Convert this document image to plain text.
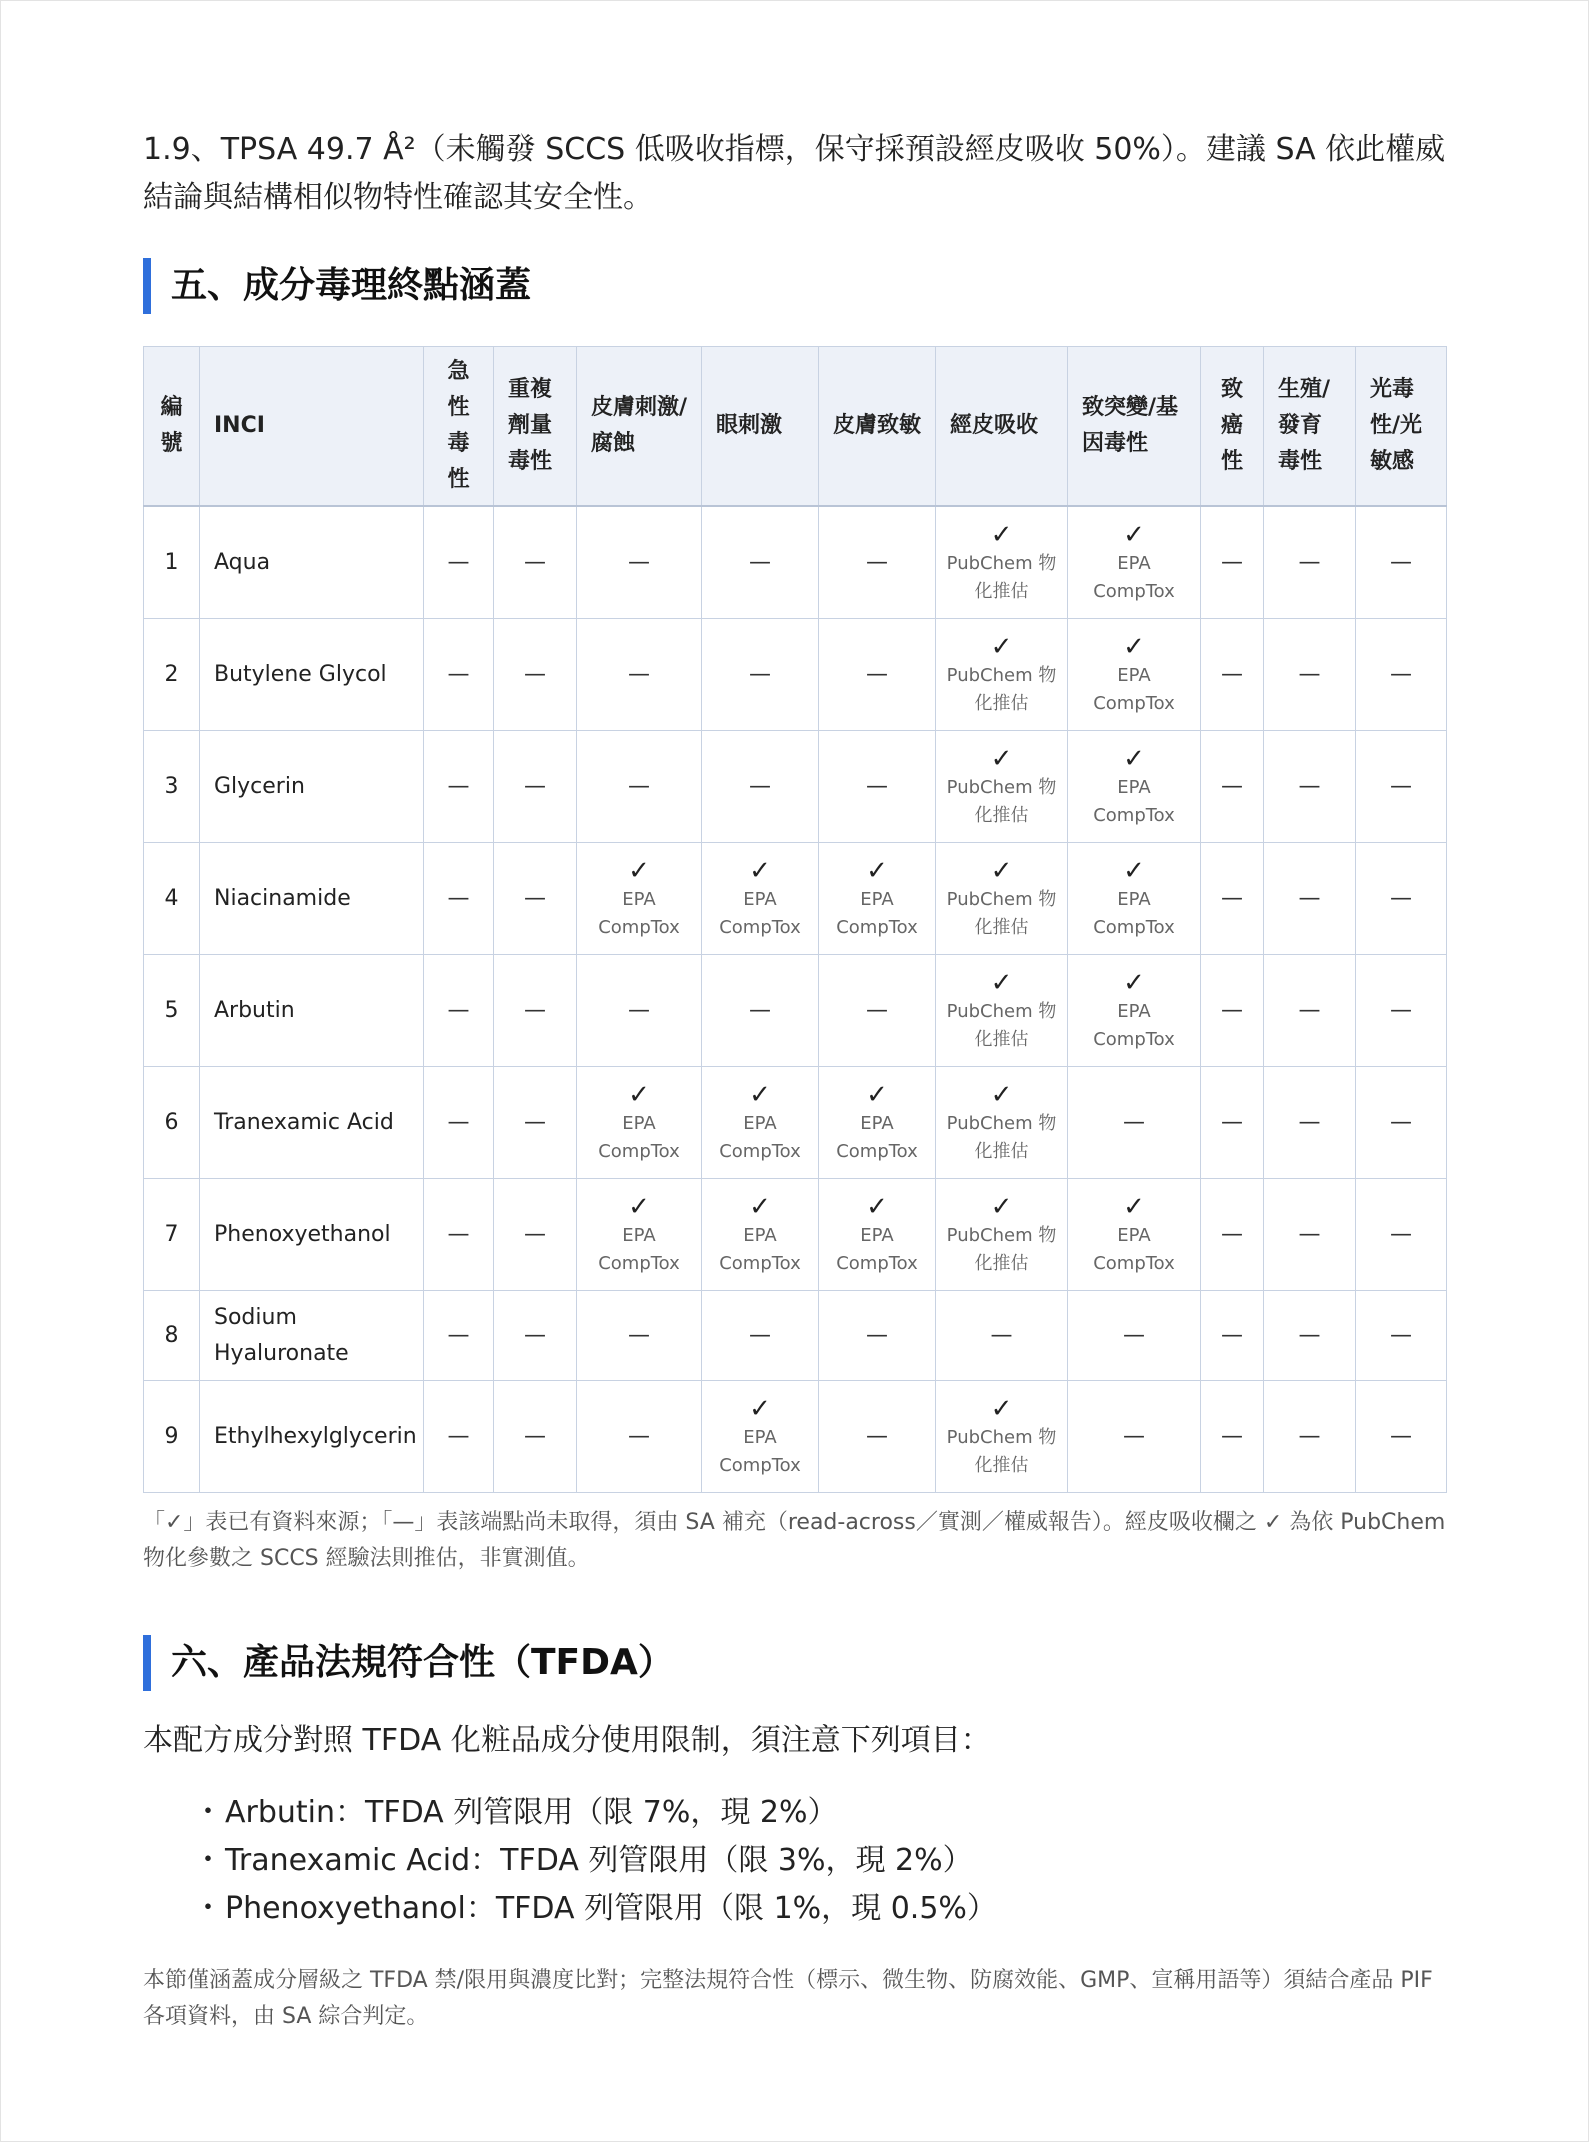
1.9、TPSA 49.7 Å²（未觸發 SCCS 低吸收指標，保守採預設經皮吸收 50%）。建議 SA 依此權威
結論與結構相似物特性確認其安全性。

五、成分毒理終點涵蓋
編號	INCI	急性毒性	重複劑量毒性	皮膚刺激/腐蝕	眼刺激	皮膚致敏	經皮吸收	致突變/基因毒性	致癌性	生殖/發育毒性	光毒性/光敏感
1	Aqua	—	—	—	—	—	✓
PubChem 物
化推估	✓
EPA
CompTox	—	—	—
2	Butylene Glycol	—	—	—	—	—	✓
PubChem 物
化推估	✓
EPA
CompTox	—	—	—
3	Glycerin	—	—	—	—	—	✓
PubChem 物
化推估	✓
EPA
CompTox	—	—	—
4	Niacinamide	—	—	✓
EPA
CompTox	✓
EPA
CompTox	✓
EPA
CompTox	✓
PubChem 物
化推估	✓
EPA
CompTox	—	—	—
5	Arbutin	—	—	—	—	—	✓
PubChem 物
化推估	✓
EPA
CompTox	—	—	—
6	Tranexamic Acid	—	—	✓
EPA
CompTox	✓
EPA
CompTox	✓
EPA
CompTox	✓
PubChem 物
化推估	—	—	—	—
7	Phenoxyethanol	—	—	✓
EPA
CompTox	✓
EPA
CompTox	✓
EPA
CompTox	✓
PubChem 物
化推估	✓
EPA
CompTox	—	—	—
8	Sodium Hyaluronate	—	—	—	—	—	—	—	—	—	—
9	Ethylhexylglycerin	—	—	—	✓
EPA
CompTox	—	✓
PubChem 物
化推估	—	—	—	—

「✓」表已有資料來源；「—」表該端點尚未取得，須由 SA 補充（read-across／實測／權威報告）。經皮吸收欄之 ✓ 為依 PubChem 物化參數之 SCCS 經驗法則推估，非實測值。

六、產品法規符合性（TFDA）

本配方成分對照 TFDA 化粧品成分使用限制，須注意下列項目：

・Arbutin：TFDA 列管限用（限 7%，現 2%）
・Tranexamic Acid：TFDA 列管限用（限 3%，現 2%）
・Phenoxyethanol：TFDA 列管限用（限 1%，現 0.5%）

本節僅涵蓋成分層級之 TFDA 禁/限用與濃度比對；完整法規符合性（標示、微生物、防腐效能、GMP、宣稱用語等）須結合產品 PIF 各項資料，由 SA 綜合判定。
